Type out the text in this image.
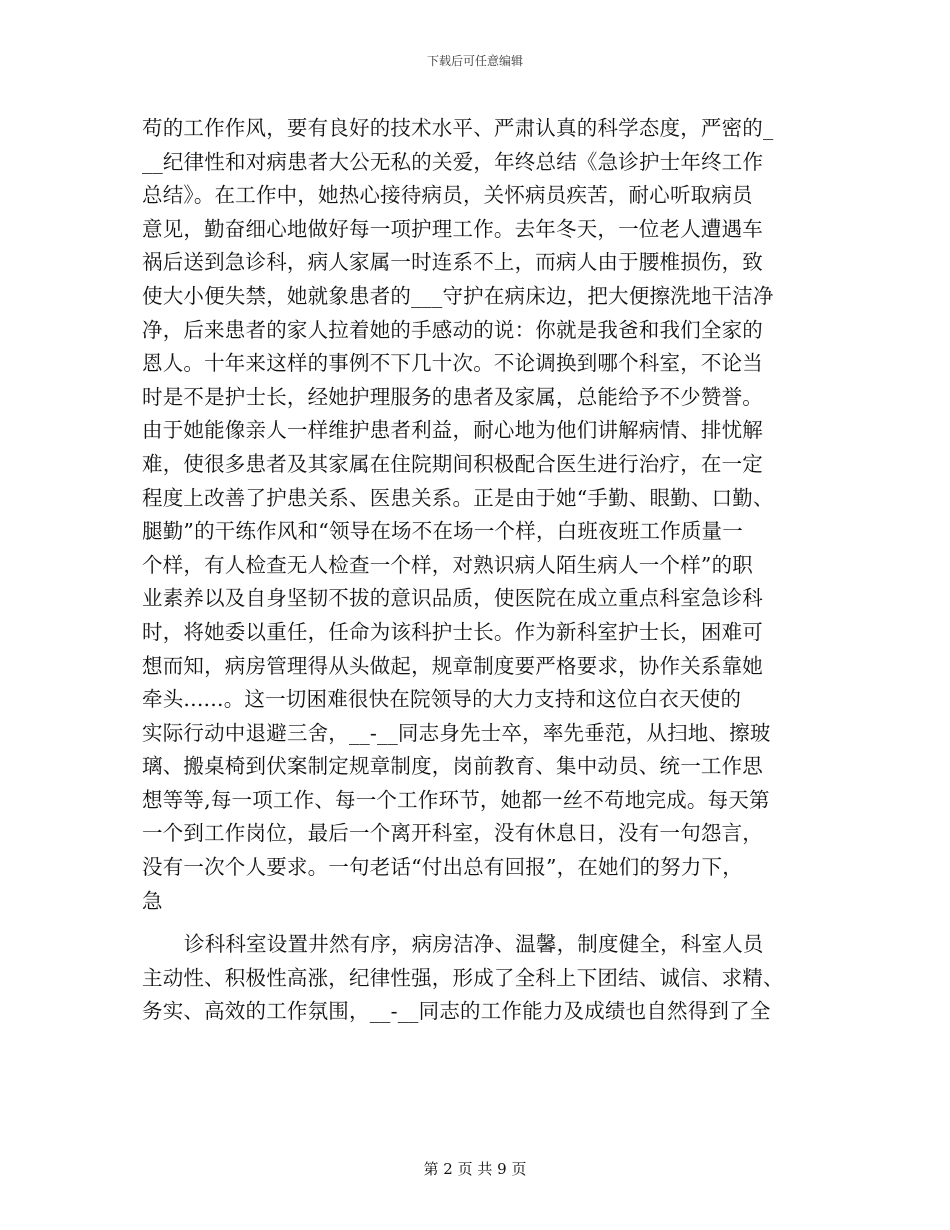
下载后可任意编辑
苟的工作作风，要有良好的技术水平、严肃认真的科学态度，严密的_
__纪律性和对病患者大公无私的关爱，年终总结《急诊护士年终工作
总结》。在工作中，她热心接待病员，关怀病员疾苦，耐心听取病员
意见，勤奋细心地做好每一项护理工作。去年冬天，一位老人遭遇车
祸后送到急诊科，病人家属一时连系不上，而病人由于腰椎损伤，致
使大小便失禁，她就象患者的___守护在病床边，把大便擦洗地干洁净
净，后来患者的家人拉着她的手感动的说：你就是我爸和我们全家的
恩人。十年来这样的事例不下几十次。不论调换到哪个科室，不论当
时是不是护士长，经她护理服务的患者及家属，总能给予不少赞誉。
由于她能像亲人一样维护患者利益，耐心地为他们讲解病情、排忧解
难，使很多患者及其家属在住院期间积极配合医生进行治疗，在一定
程度上改善了护患关系、医患关系。正是由于她“手勤、眼勤、口勤、
腿勤”的干练作风和“领导在场不在场一个样，白班夜班工作质量一
个样，有人检查无人检查一个样，对熟识病人陌生病人一个样”的职
业素养以及自身坚韧不拔的意识品质，使医院在成立重点科室急诊科
时，将她委以重任，任命为该科护士长。作为新科室护士长，困难可
想而知，病房管理得从头做起，规章制度要严格要求，协作关系靠她
牵头......。这一切困难很快在院领导的大力支持和这位白衣天使的
实际行动中退避三舍，__-__同志身先士卒，率先垂范，从扫地、擦玻
璃、搬桌椅到伏案制定规章制度，岗前教育、集中动员、统一工作思
想等等,每一项工作、每一个工作环节，她都一丝不苟地完成。每天第
一个到工作岗位，最后一个离开科室，没有休息日，没有一句怨言，
没有一次个人要求。一句老话“付出总有回报”，在她们的努力下，
急
诊科科室设置井然有序，病房洁净、温馨，制度健全，科室人员
主动性、积极性高涨，纪律性强，形成了全科上下团结、诚信、求精、
务实、高效的工作氛围，__-__同志的工作能力及成绩也自然得到了全
第 2 页 共 9 页
